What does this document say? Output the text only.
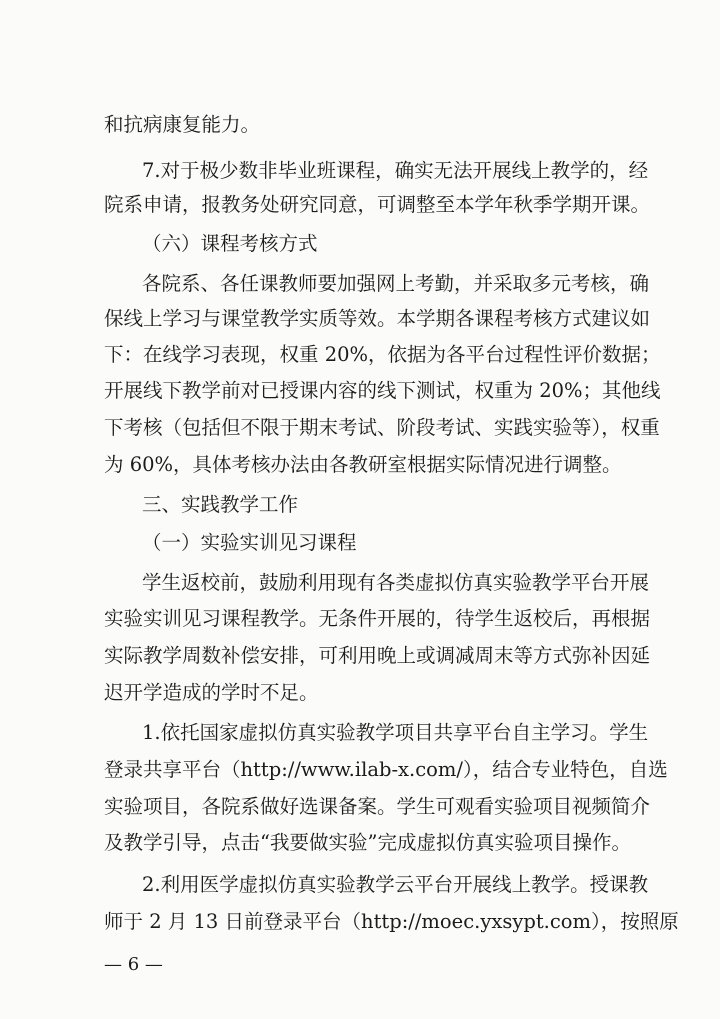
和抗病康复能力。
7.对于极少数非毕业班课程，确实无法开展线上教学的，经
院系申请，报教务处研究同意，可调整至本学年秋季学期开课。
（六）课程考核方式
各院系、各任课教师要加强网上考勤，并采取多元考核，确
保线上学习与课堂教学实质等效。本学期各课程考核方式建议如
下：在线学习表现，权重 20%，依据为各平台过程性评价数据；
开展线下教学前对已授课内容的线下测试，权重为 20%；其他线
下考核（包括但不限于期末考试、阶段考试、实践实验等），权重
为 60%，具体考核办法由各教研室根据实际情况进行调整。
三、实践教学工作
（一）实验实训见习课程
学生返校前，鼓励利用现有各类虚拟仿真实验教学平台开展
实验实训见习课程教学。无条件开展的，待学生返校后，再根据
实际教学周数补偿安排，可利用晚上或调减周末等方式弥补因延
迟开学造成的学时不足。
1.依托国家虚拟仿真实验教学项目共享平台自主学习。学生
登录共享平台（http://www.ilab-x.com/），结合专业特色，自选
实验项目，各院系做好选课备案。学生可观看实验项目视频简介
及教学引导，点击“我要做实验”完成虚拟仿真实验项目操作。
2.利用医学虚拟仿真实验教学云平台开展线上教学。授课教
师于 2 月 13 日前登录平台（http://moec.yxsypt.com），按照原
— 6 —
